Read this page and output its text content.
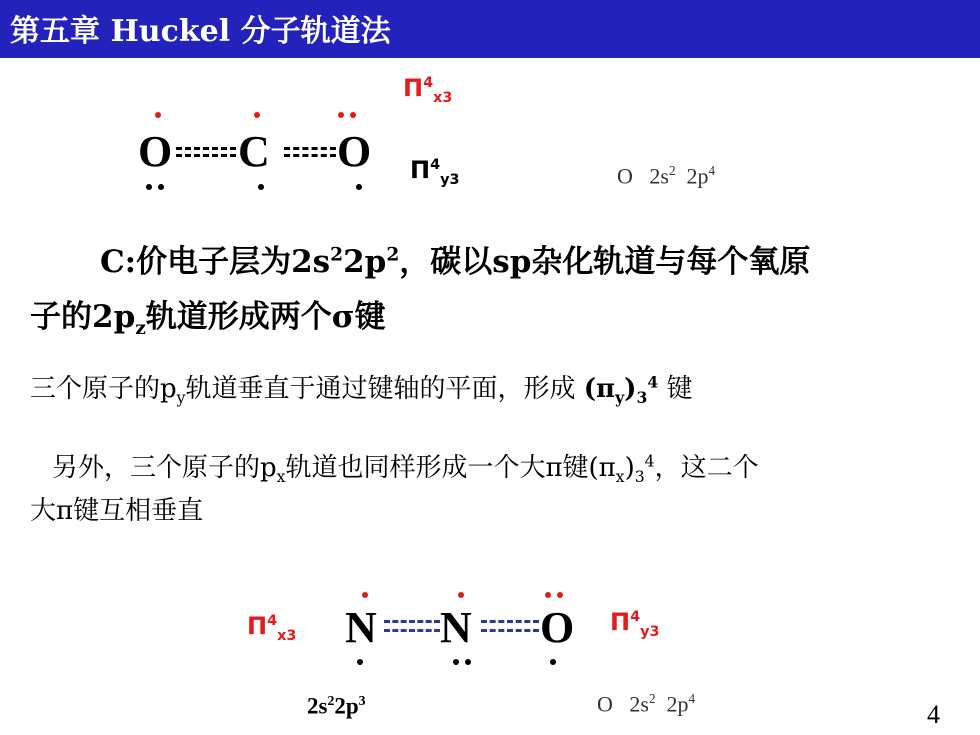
第五章 Huckel 分子轨道法
$\Pi^4_{x3}$
O C O $\Pi^4_{y3}$	O $2s^2$ $2p^4$
C:价电子层为$2s^22p^2$，碳以sp杂化轨道与每个氧原
子的$2p_z$轨道形成两个σ键
三个原子的$p_y$轨道垂直于通过键轴的平面，形成 $(\pi_y)_3^4$ 键
另外，三个原子的$p_x$轨道也同样形成一个大π键$(\pi_x)_3^4$，这二个
大π键互相垂直
$\Pi^4_{x3}$ N N O $\Pi^4_{y3}$
$2s^22p^3$	O $2s^2$ $2p^4$
4
